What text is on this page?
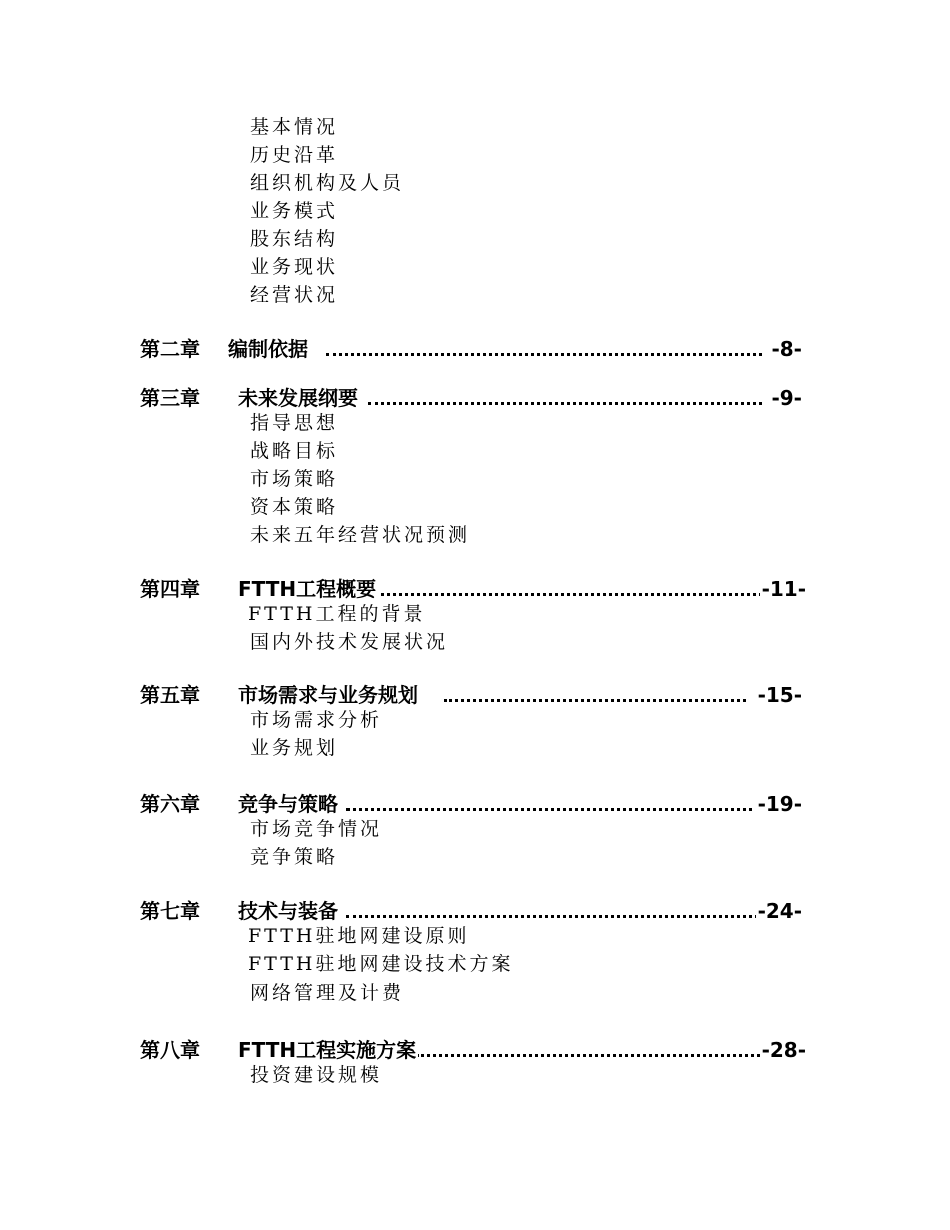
基本情况
历史沿革
组织机构及人员
业务模式
股东结构
业务现状
经营状况
第二章 编制依据	-8-
第三章 未来发展纲要	-9-
指导思想
战略目标
市场策略
资本策略
未来五年经营状况预测
第四章 FTTH工程概要	-11-
FTTH工程的背景
国内外技术发展状况
第五章 市场需求与业务规划	-15-
市场需求分析
业务规划
第六章 竞争与策略	-19-
市场竞争情况
竞争策略
第七章 技术与装备	-24-
FTTH驻地网建设原则
FTTH驻地网建设技术方案
网络管理及计费
第八章 FTTH工程实施方案	-28-
投资建设规模
